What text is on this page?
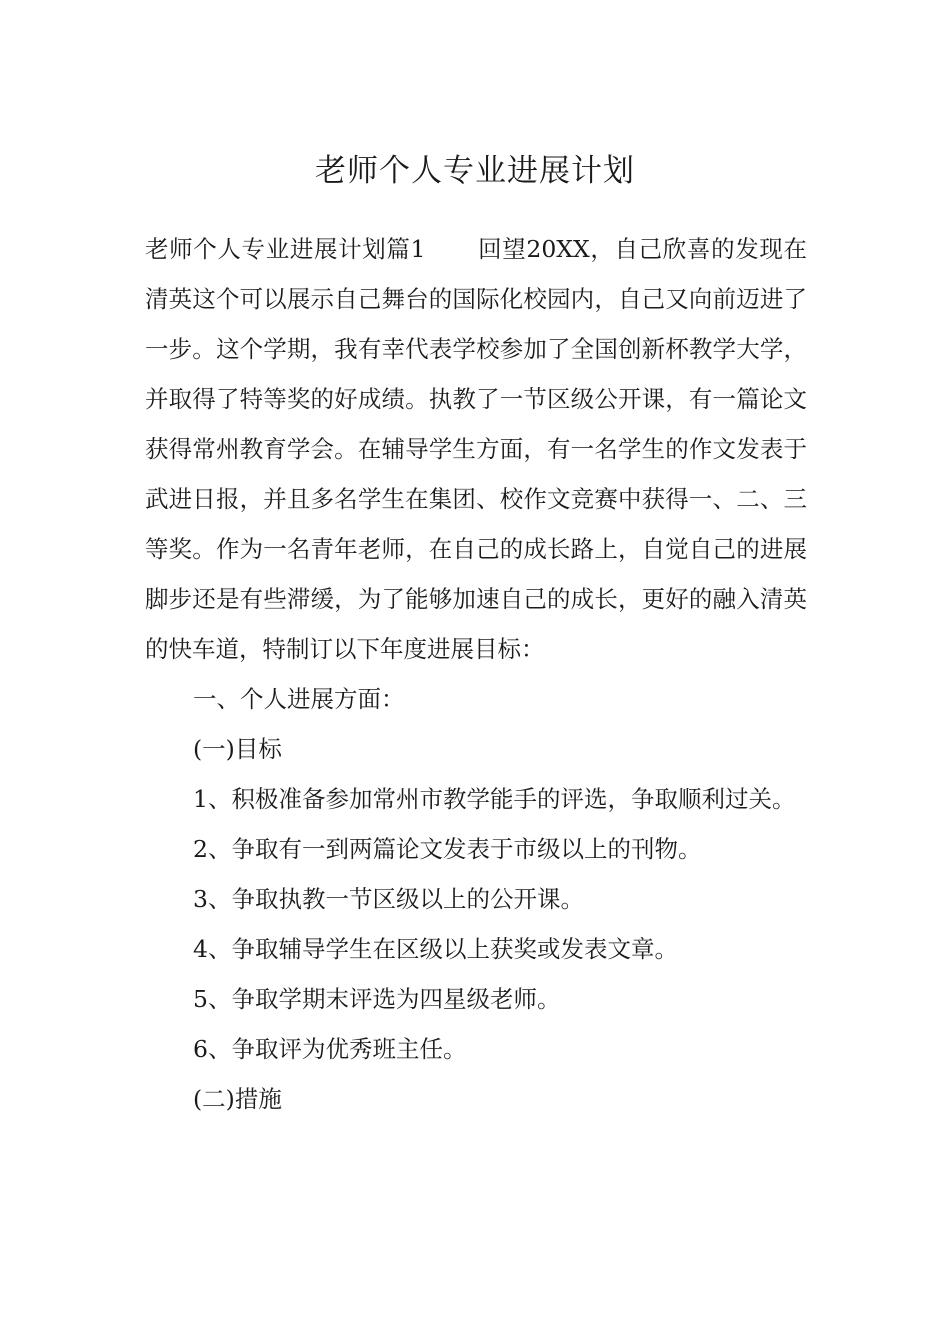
老师个人专业进展计划

老师个人专业进展计划篇1 回望20XX，自己欣喜的发现在清英这个可以展示自己舞台的国际化校园内，自己又向前迈进了一步。这个学期，我有幸代表学校参加了全国创新杯教学大学，并取得了特等奖的好成绩。执教了一节区级公开课，有一篇论文获得常州教育学会。在辅导学生方面，有一名学生的作文发表于武进日报，并且多名学生在集团、校作文竞赛中获得一、二、三等奖。作为一名青年老师，在自己的成长路上，自觉自己的进展脚步还是有些滞缓，为了能够加速自己的成长，更好的融入清英的快车道，特制订以下年度进展目标：

一、个人进展方面：

(一)目标

1、积极准备参加常州市教学能手的评选，争取顺利过关。

2、争取有一到两篇论文发表于市级以上的刊物。

3、争取执教一节区级以上的公开课。

4、争取辅导学生在区级以上获奖或发表文章。

5、争取学期末评选为四星级老师。

6、争取评为优秀班主任。

(二)措施
